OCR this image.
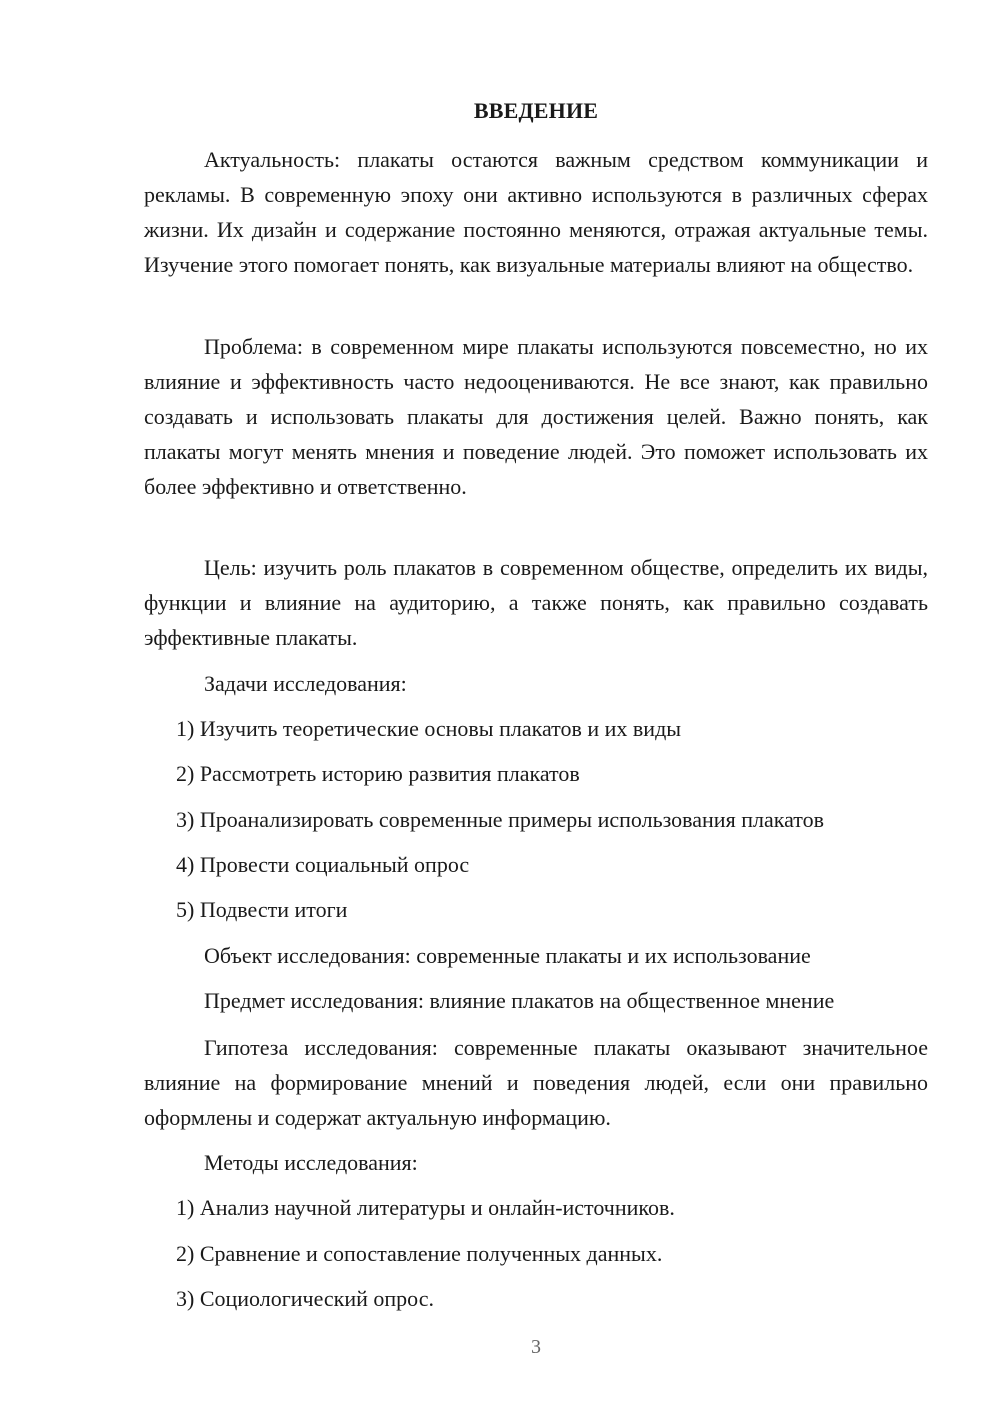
ВВЕДЕНИЕ

Актуальность: плакаты остаются важным средством коммуникации и рекламы. В современную эпоху они активно используются в различных сферах жизни. Их дизайн и содержание постоянно меняются, отражая актуальные темы. Изучение этого помогает понять, как визуальные материалы влияют на общество.

Проблема: в современном мире плакаты используются повсеместно, но их влияние и эффективность часто недооцениваются. Не все знают, как правильно создавать и использовать плакаты для достижения целей. Важно понять, как плакаты могут менять мнения и поведение людей. Это поможет использовать их более эффективно и ответственно.

Цель: изучить роль плакатов в современном обществе, определить их виды, функции и влияние на аудиторию, а также понять, как правильно создавать эффективные плакаты.

Задачи исследования:

1) Изучить теоретические основы плакатов и их виды

2) Рассмотреть историю развития плакатов

3) Проанализировать современные примеры использования плакатов

4) Провести социальный опрос

5) Подвести итоги

Объект исследования: современные плакаты и их использование

Предмет исследования: влияние плакатов на общественное мнение

Гипотеза исследования: современные плакаты оказывают значительное влияние на формирование мнений и поведения людей, если они правильно оформлены и содержат актуальную информацию.

Методы исследования:

1) Анализ научной литературы и онлайн-источников.

2) Сравнение и сопоставление полученных данных.

3) Социологический опрос.

3
